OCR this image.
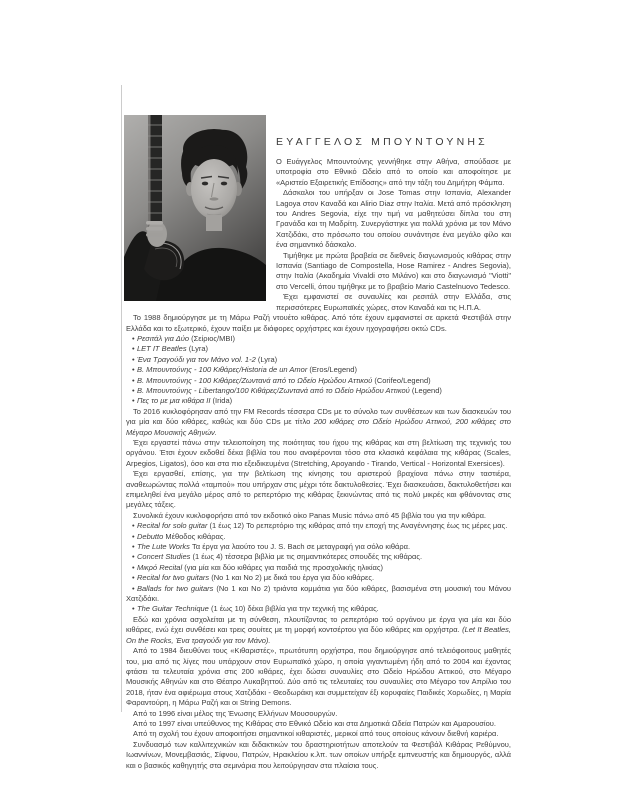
ΕΥΑΓΓΕΛΟΣ ΜΠΟΥΝΤΟΥΝΗΣ

Ο Ευάγγελος Μπουντούνης γεννήθηκε στην Αθήνα, σπούδασε με υποτροφία στο Εθνικό Ωδείο από το οποίο και αποφοίτησε με «Αριστείο Εξαιρετικής Επίδοσης» από την τάξη του Δημήτρη Φάμπα.

Δάσκαλοι του υπήρξαν οι Jose Tomas στην Ισπανία, Alexander Lagoya στον Καναδά και Alirio Diaz στην Ιταλία. Μετά από πρόσκληση του Andres Segovia, είχε την τιμή να μαθητεύσει δίπλα του στη Γρανάδα και τη Μαδρίτη. Συνεργάστηκε για πολλά χρόνια με τον Μάνο Χατζιδάκι, στο πρόσωπο του οποίου συνάντησε ένα μεγάλο φίλο και ένα σημαντικό δάσκαλο.

Τιμήθηκε με πρώτα βραβεία σε διεθνείς διαγωνισμούς κιθάρας στην Ισπανία (Santiago de Compostella, Hose Ramirez - Andres Segovia), στην Ιταλία (Ακαδημία Vivaldi στο Μιλάνο) και στο διαγωνισμό "Viotti" στο Vercelli, όπου τιμήθηκε με το βραβείο Mario Castelnuovo Tedesco.

Έχει εμφανιστεί σε συναυλίες και ρεσιτάλ στην Ελλάδα, στις περισσότερες Ευρωπαϊκές χώρες, στον Καναδά και τις Η.Π.Α.

Το 1988 δημιούργησε με τη Μάρω Ραζή ντουέτο κιθάρας. Από τότε έχουν εμφανιστεί σε αρκετά Φεστιβάλ στην Ελλάδα και το εξωτερικό, έχουν παίξει με διάφορες ορχήστρες και έχουν ηχογραφήσει οκτώ CDs.

• Ρεσιτάλ για Δύο (Σείριος/MBI)

• LET IT Beatles (Lyra)

• Ένα Τραγούδι για τον Μάνο vol. 1-2 (Lyra)

• Β. Μπουντούνης - 100 Κιθάρες/Historia de un Amor (Eros/Legend)

• Β. Μπουντούνης - 100 Κιθάρες/Ζωντανά από το Ωδείο Ηρώδου Αττικού (Corifeo/Legend)

• Β. Μπουντούνης - Libertango/100 Κιθάρες/Ζωντανά από το Ωδείο Ηρώδου Αττικού (Legend)

• Πες το με μια κιθάρα ΙΙ (Irida)

Το 2016 κυκλοφόρησαν από την FM Records τέσσερα CDs με το σύνολο των συνθέσεων και των διασκευών του για μία και δύο κιθάρες, καθώς και δύο CDs με τίτλο 200 κιθάρες στο Ωδείο Ηρώδου Αττικού, 200 κιθάρες στο Μέγαρο Μουσικής Αθηνών.

Έχει εργαστεί πάνω στην τελειοποίηση της ποιότητας του ήχου της κιθάρας και στη βελτίωση της τεχνικής του οργάνου. Έτσι έχουν εκδοθεί δέκα βιβλία του που αναφέρονται τόσο στα κλασικά κεφάλαια της κιθάρας (Scales, Arpegios, Ligatos), όσο και στα πιο εξειδικευμένα (Stretching, Apoyando - Tirando, Vertical - Horizontal Exersices).

Έχει εργασθεί, επίσης, για την βελτίωση της κίνησης του αριστερού βραχίονα πάνω στην ταστιέρα, αναθεωρώντας πολλά «ταμπού» που υπήρχαν στις μέχρι τότε δακτυλοθεσίες. Έχει διασκευάσει, δακτυλοθετήσει και επιμεληθεί ένα μεγάλο μέρος από το ρεπερτόριο της κιθάρας ξεκινώντας από τις πολύ μικρές και φθάνοντας στις μεγάλες τάξεις.

Συνολικά έχουν κυκλοφορήσει από τον εκδοτικό οίκο Panas Music πάνω από 45 βιβλία του για την κιθάρα.

• Recital for solo guitar (1 έως 12) Το ρεπερτόριο της κιθάρας από την εποχή της Αναγέννησης έως τις μέρες μας.

• Debutto Μέθοδος κιθάρας.

• The Lute Works Τα έργα για λαούτο του J. S. Bach σε μεταγραφή για σόλο κιθάρα.

• Concert Studies (1 έως 4) τέσσερα βιβλία με τις σημαντικότερες σπουδές της κιθάρας.

• Μικρό Recital (για μία και δύο κιθάρες για παιδιά της προσχολικής ηλικίας)

• Recital for two guitars (Νο 1 και Νο 2) με δικά του έργα για δύο κιθάρες.

• Ballads for two guitars (Νο 1 και Νο 2) τριάντα κομμάτια για δύο κιθάρες, βασισμένα στη μουσική του Μάνου Χατζιδάκι.

• The Guitar Technique (1 έως 10) δέκα βιβλία για την τεχνική της κιθάρας.

Εδώ και χρόνια ασχολείται με τη σύνθεση, πλουτίζοντας το ρεπερτόριο τού οργάνου με έργα για μία και δύο κιθάρες, ενώ έχει συνθέσει και τρεις σουίτες με τη μορφή κοντσέρτου για δύο κιθάρες και ορχήστρα. (Let It Beatles, On the Rocks, Ένα τραγούδι για τον Μάνο).

Από το 1984 διευθύνει τους «Κιθαριστές», πρωτότυπη ορχήστρα, που δημιούργησε από τελειόφοιτους μαθητές του, μια από τις λίγες που υπάρχουν στον Ευρωπαϊκό χώρο, η οποία γιγαντωμένη ήδη από το 2004 και έχοντας φτάσει τα τελευταία χρόνια στις 200 κιθάρες, έχει δώσει συναυλίες στο Ωδείο Ηρώδου Αττικού, στο Μέγαρο Μουσικής Αθηνών και στο Θέατρο Λυκαβηττού. Δύο από τις τελευταίες του συναυλίες στο Μέγαρο τον Απρίλιο του 2018, ήταν ένα αφιέρωμα στους Χατζιδάκι - Θεοδωράκη και συμμετείχαν έξι κορυφαίες Παιδικές Χορωδίες, η Μαρία Φαραντούρη, η Μάρω Ραζή και οι String Demons.

Από το 1996 είναι μέλος της Ένωσης Ελλήνων Μουσουργών.

Από το 1997 είναι υπεύθυνος της Κιθάρας στο Εθνικό Ωδείο και στα Δημοτικά Ωδεία Πατρών και Αμαρουσίου.

Από τη σχολή του έχουν αποφοιτήσει σημαντικοί κιθαριστές, μερικοί από τους οποίους κάνουν διεθνή καριέρα.

Συνδυασμό των καλλιτεχνικών και διδακτικών του δραστηριοτήτων αποτελούν τα Φεστιβάλ Κιθάρας Ρεθύμνου, Ιωαννίνων, Μονεμβασιάς, Σίφνου, Πατρών, Ηρακλείου κ.λπ. των οποίων υπήρξε εμπνευστής και δημιουργός, αλλά και ο βασικός καθηγητής στα σεμινάρια που λειτούργησαν στα πλαίσια τους.
